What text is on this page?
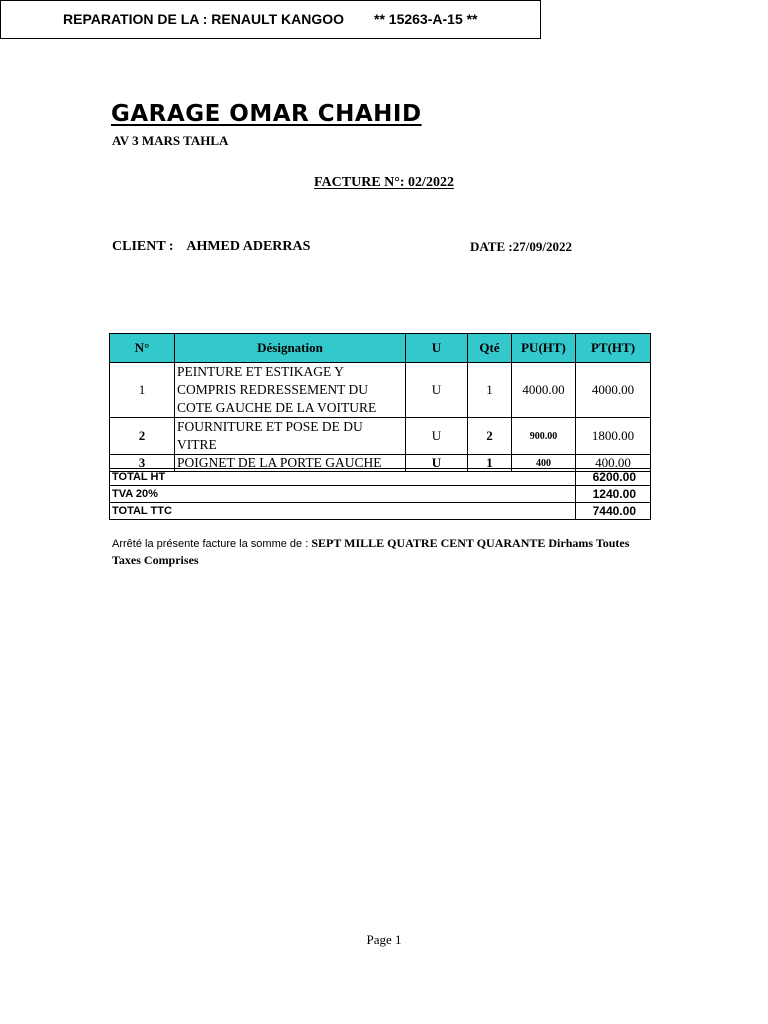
GARAGE OMAR CHAHID
AV 3 MARS TAHLA
FACTURE N°: 02/2022
CLIENT : AHMED ADERRAS	DATE :27/09/2022
REPARATION DE LA : RENAULT KANGOO ** 15263-A-15 **
N°	Désignation	U	Qté	PU(HT)	PT(HT)
1	PEINTURE ET ESTIKAGE Y COMPRIS REDRESSEMENT DU COTE GAUCHE DE LA VOITURE	U	1	4000.00	4000.00
2	FOURNITURE ET POSE DE DU VITRE	U	2	900.00	1800.00
3	POIGNET DE LA PORTE GAUCHE	U	1	400	400.00
TOTAL HT	6200.00
TVA 20%	1240.00
TOTAL TTC	7440.00
Arrêté la présente facture la somme de : SEPT MILLE QUATRE CENT QUARANTE Dirhams Toutes Taxes Comprises
Page 1
